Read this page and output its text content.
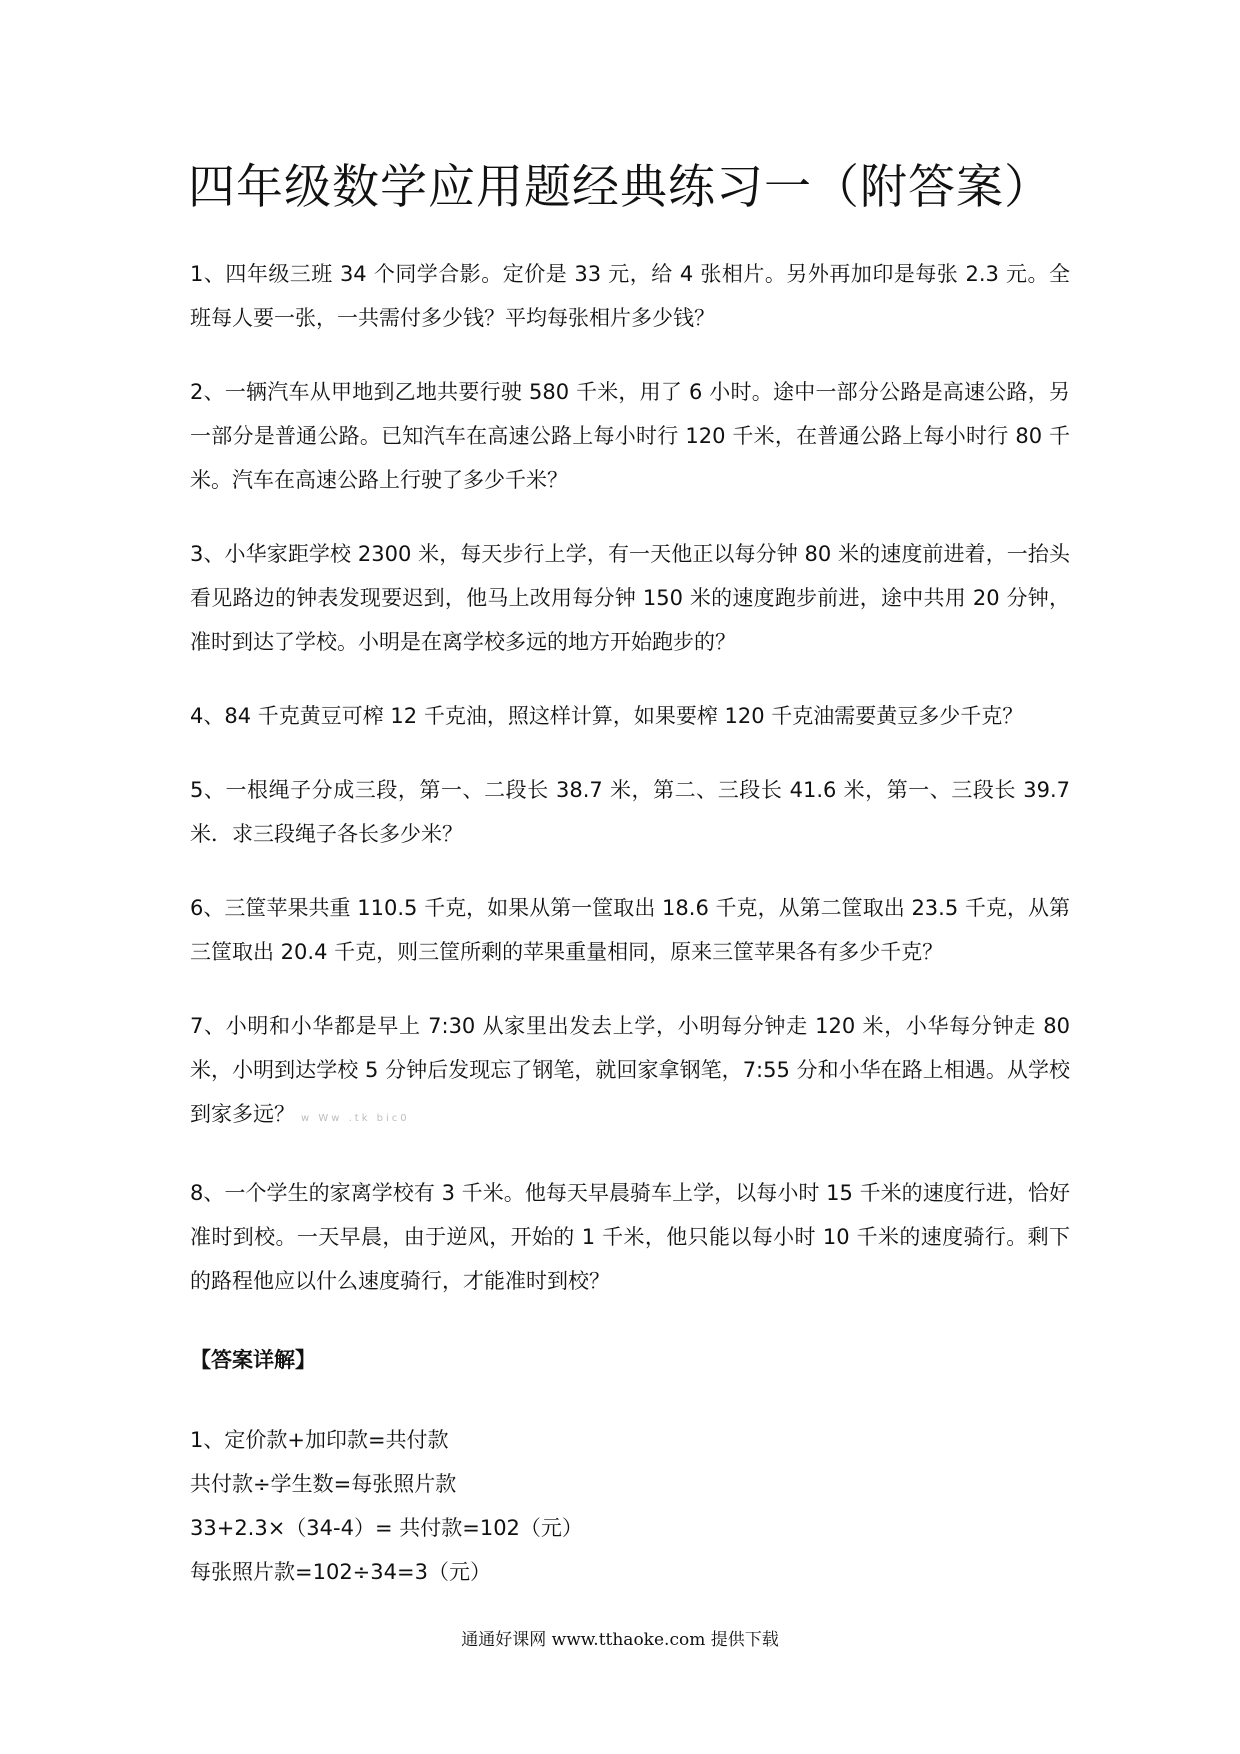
四年级数学应用题经典练习一（附答案）

1、四年级三班 34 个同学合影。定价是 33 元，给 4 张相片。另外再加印是每张 2.3 元。全班每人要一张，一共需付多少钱？平均每张相片多少钱？

2、一辆汽车从甲地到乙地共要行驶 580 千米，用了 6 小时。途中一部分公路是高速公路，另一部分是普通公路。已知汽车在高速公路上每小时行 120 千米，在普通公路上每小时行 80 千米。汽车在高速公路上行驶了多少千米？

3、小华家距学校 2300 米，每天步行上学，有一天他正以每分钟 80 米的速度前进着，一抬头看见路边的钟表发现要迟到，他马上改用每分钟 150 米的速度跑步前进，途中共用 20 分钟，准时到达了学校。小明是在离学校多远的地方开始跑步的？

4、84 千克黄豆可榨 12 千克油，照这样计算，如果要榨 120 千克油需要黄豆多少千克？

5、一根绳子分成三段，第一、二段长 38.7 米，第二、三段长 41.6 米，第一、三段长 39.7 米．求三段绳子各长多少米？

6、三筐苹果共重 110.5 千克，如果从第一筐取出 18.6 千克，从第二筐取出 23.5 千克，从第三筐取出 20.4 千克，则三筐所剩的苹果重量相同，原来三筐苹果各有多少千克？

7、小明和小华都是早上 7:30 从家里出发去上学，小明每分钟走 120 米，小华每分钟走 80 米，小明到达学校 5 分钟后发现忘了钢笔，就回家拿钢笔，7:55 分和小华在路上相遇。从学校到家多远？ w Ww .tk bic0

8、一个学生的家离学校有 3 千米。他每天早晨骑车上学，以每小时 15 千米的速度行进，恰好准时到校。一天早晨，由于逆风，开始的 1 千米，他只能以每小时 10 千米的速度骑行。剩下的路程他应以什么速度骑行，才能准时到校？

【答案详解】

1、定价款+加印款=共付款

共付款÷学生数=每张照片款

33+2.3×（34-4）= 共付款=102（元）

每张照片款=102÷34=3（元）

通通好课网 www.tthaoke.com 提供下载
